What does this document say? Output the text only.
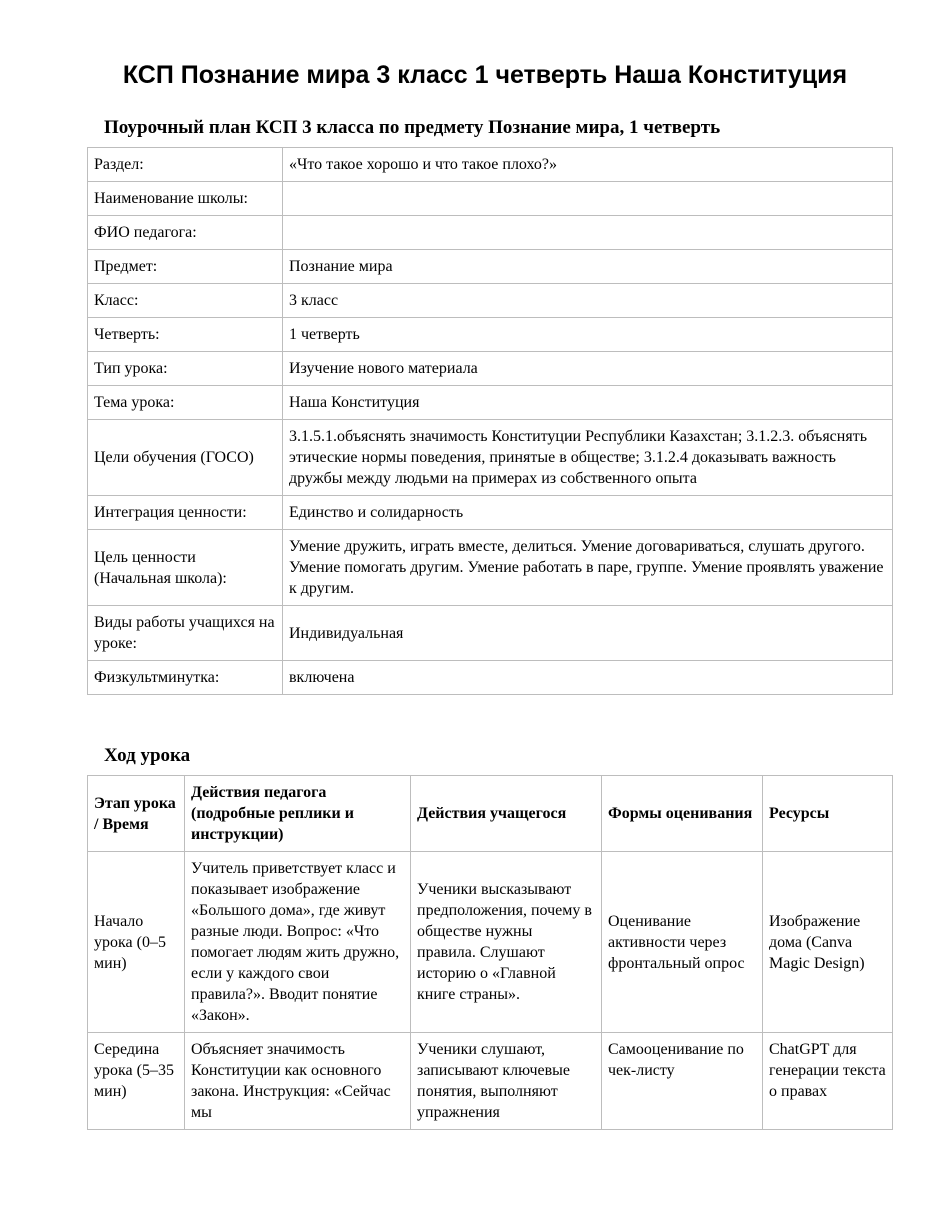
КСП Познание мира 3 класс 1 четверть Наша Конституция
Поурочный план КСП 3 класса по предмету Познание мира, 1 четверть
Раздел:	«Что такое хорошо и что такое плохо?»
Наименование школы:	
ФИО педагога:	
Предмет:	Познание мира
Класс:	3 класс
Четверть:	1 четверть
Тип урока:	Изучение нового материала
Тема урока:	Наша Конституция
Цели обучения (ГОСО)	3.1.5.1.объяснять значимость Конституции Республики Казахстан; 3.1.2.3. объяснять этические нормы поведения, принятые в обществе; 3.1.2.4 доказывать важность дружбы между людьми на примерах из собственного опыта
Интеграция ценности:	Единство и солидарность
Цель ценности (Начальная школа):	Умение дружить, играть вместе, делиться. Умение договариваться, слушать другого. Умение помогать другим. Умение работать в паре, группе. Умение проявлять уважение к другим.
Виды работы учащихся на уроке:	Индивидуальная
Физкультминутка:	включена
Ход урока
Этап урока / Время	Действия педагога (подробные реплики и инструкции)	Действия учащегося	Формы оценивания	Ресурсы
Начало урока (0–5 мин)	Учитель приветствует класс и показывает изображение «Большого дома», где живут разные люди. Вопрос: «Что помогает людям жить дружно, если у каждого свои правила?». Вводит понятие «Закон».	Ученики высказывают предположения, почему в обществе нужны правила. Слушают историю о «Главной книге страны».	Оценивание активности через фронтальный опрос	Изображение дома (Canva Magic Design)
Середина урока (5–35 мин)	Объясняет значимость Конституции как основного закона. Инструкция: «Сейчас мы	Ученики слушают, записывают ключевые понятия, выполняют упражнения	Самооценивание по чек-листу	ChatGPT для генерации текста о правах
